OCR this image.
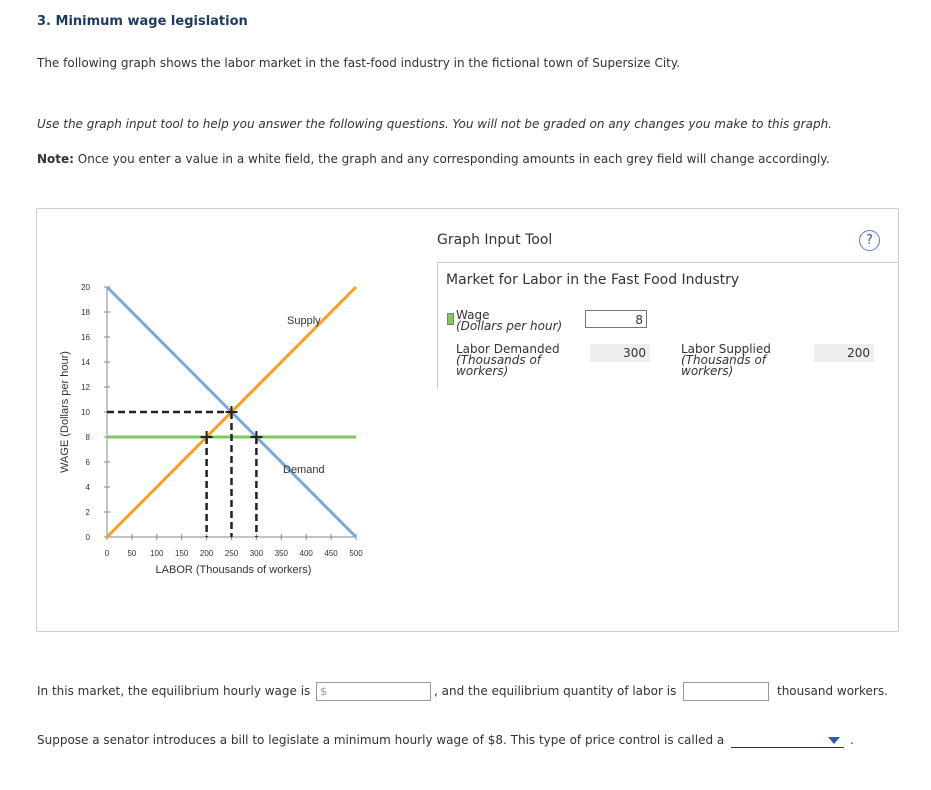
3. Minimum wage legislation
The following graph shows the labor market in the fast-food industry in the fictional town of Supersize City.
Use the graph input tool to help you answer the following questions. You will not be graded on any changes you make to this graph.
Note: Once you enter a value in a white field, the graph and any corresponding amounts in each grey field will change accordingly.
0
2
4
6
8
10
12
14
16
18
20
0 50 100 150 200 250 300 350 400 450 500
Supply
Demand
LABOR (Thousands of workers)
WAGE (Dollars per hour)
Graph Input Tool	?
Market for Labor in the Fast Food Industry
Wage
(Dollars per hour)	8
Labor Demanded
(Thousands of
workers)
300	Labor Supplied
(Thousands of
workers)
200
In this market, the equilibrium hourly wage is $	, and the equilibrium quantity of labor is	thousand workers.
Suppose a senator introduces a bill to legislate a minimum hourly wage of $8. This type of price control is called a	.
